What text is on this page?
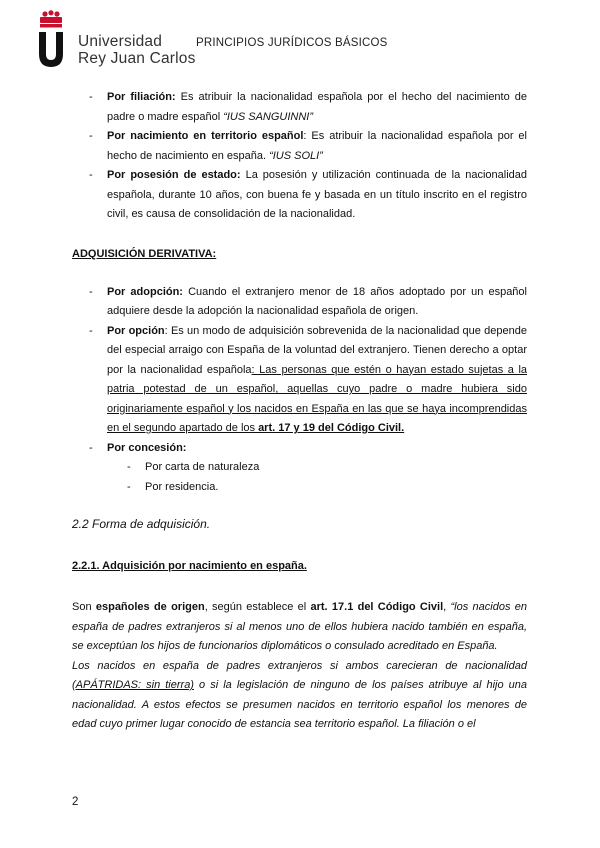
Universidad
Rey Juan Carlos
PRINCIPIOS JURÍDICOS BÁSICOS
- Por filiación: Es atribuir la nacionalidad española por el hecho del nacimiento de padre o madre español “IUS SANGUINNI”
- Por nacimiento en territorio español: Es atribuir la nacionalidad española por el hecho de nacimiento en españa. “IUS SOLI”
- Por posesión de estado: La posesión y utilización continuada de la nacionalidad española, durante 10 años, con buena fe y basada en un título inscrito en el registro civil, es causa de consolidación de la nacionalidad.
ADQUISICIÓN DERIVATIVA:
- Por adopción: Cuando el extranjero menor de 18 años adoptado por un español adquiere desde la adopción la nacionalidad española de origen.
- Por opción: Es un modo de adquisición sobrevenida de la nacionalidad que depende del especial arraigo con España de la voluntad del extranjero. Tienen derecho a optar por la nacionalidad española: Las personas que estén o hayan estado sujetas a la patria potestad de un español, aquellas cuyo padre o madre hubiera sido originariamente español y los nacidos en España en las que se haya incomprendidas en el segundo apartado de los art. 17 y 19 del Código Civil.
- Por concesión:
- Por carta de naturaleza
- Por residencia.
2.2 Forma de adquisición.
2.2.1. Adquisición por nacimiento en españa.
Son españoles de origen, según establece el art. 17.1 del Código Civil, “los nacidos en españa de padres extranjeros si al menos uno de ellos hubiera nacido también en españa, se exceptúan los hijos de funcionarios diplomáticos o consulado acreditado en España.
Los nacidos en españa de padres extranjeros si ambos carecieran de nacionalidad (APÁTRIDAS: sin tierra) o si la legislación de ninguno de los países atribuye al hijo una nacionalidad. A estos efectos se presumen nacidos en territorio español los menores de edad cuyo primer lugar conocido de estancia sea territorio español. La filiación o el
2
